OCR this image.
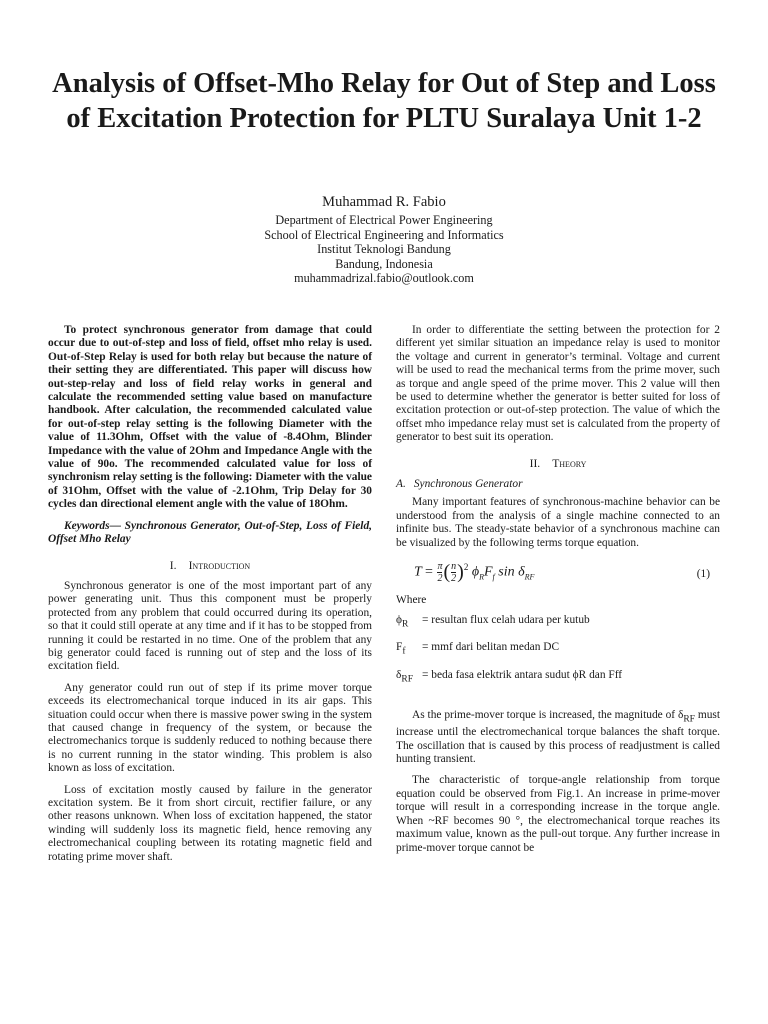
Analysis of Offset-Mho Relay for Out of Step and Loss of Excitation Protection for PLTU Suralaya Unit 1-2
Muhammad R. Fabio
Department of Electrical Power Engineering
School of Electrical Engineering and Informatics
Institut Teknologi Bandung
Bandung, Indonesia
muhammadrizal.fabio@outlook.com

To protect synchronous generator from damage that could occur due to out-of-step and loss of field, offset mho relay is used. Out-of-Step Relay is used for both relay but because the nature of their setting they are differentiated. This paper will discuss how out-step-relay and loss of field relay works in general and calculate the recommended setting value based on manufacture handbook. After calculation, the recommended calculated value for out-of-step relay setting is the following Diameter with the value of 11.3Ohm, Offset with the value of -8.4Ohm, Blinder Impedance with the value of 2Ohm and Impedance Angle with the value of 90o. The recommended calculated value for loss of synchronism relay setting is the following: Diameter with the value of 31Ohm, Offset with the value of -2.1Ohm, Trip Delay for 30 cycles dan directional element angle with the value of 18Ohm.

Keywords— Synchronous Generator, Out-of-Step, Loss of Field, Offset Mho Relay

I. Introduction

Synchronous generator is one of the most important part of any power generating unit. Thus this component must be properly protected from any problem that could occurred during its operation, so that it could still operate at any time and if it has to be stopped from running it could be restarted in no time. One of the problem that any big generator could faced is running out of step and the loss of its excitation field.

Any generator could run out of step if its prime mover torque exceeds its electromechanical torque induced in its air gaps. This situation could occur when there is massive power swing in the system that caused change in frequency of the system, or because the electromechanics torque is suddenly reduced to nothing because there is no current running in the stator winding. This problem is also known as loss of excitation.

Loss of excitation mostly caused by failure in the generator excitation system. Be it from short circuit, rectifier failure, or any other reasons unknown. When loss of excitation happened, the stator winding will suddenly loss its magnetic field, hence removing any electromechanical coupling between its rotating magnetic field and rotating prime mover shaft.

In order to differentiate the setting between the protection for 2 different yet similar situation an impedance relay is used to monitor the voltage and current in generator’s terminal. Voltage and current will be used to read the mechanical terms from the prime mover, such as torque and angle speed of the prime mover. This 2 value will then be used to determine whether the generator is better suited for loss of excitation protection or out-of-step protection. The value of which the offset mho impedance relay must set is calculated from the property of generator to best suit its operation.

II. Theory
A. Synchronous Generator

Many important features of synchronous-machine behavior can be understood from the analysis of a single machine connected to an infinite bus. The steady-state behavior of a synchronous machine can be visualized by the following terms torque equation.

$T = \frac{\pi}{2}$ ( $\frac{n}{2} )^2$ $\phi_RF_f$ $\sin \delta_{RF}$	(1)

Where

$\phi_R$	= resultan flux celah udara per kutub
$F_f$	= mmf dari belitan medan DC
$\delta_{RF}$ = beda fasa elektrik antara sudut ϕR dan Fff

As the prime-mover torque is increased, the magnitude of $\delta_{RF}$ must increase until the electromechanical torque balances the shaft torque. The oscillation that is caused by this process of readjustment is called hunting transient.

The characteristic of torque-angle relationship from torque equation could be observed from Fig.1. An increase in prime-mover torque will result in a corresponding increase in the torque angle. When ~RF becomes 90 °, the electromechanical torque reaches its maximum value, known as the pull-out torque. Any further increase in prime-mover torque cannot be
